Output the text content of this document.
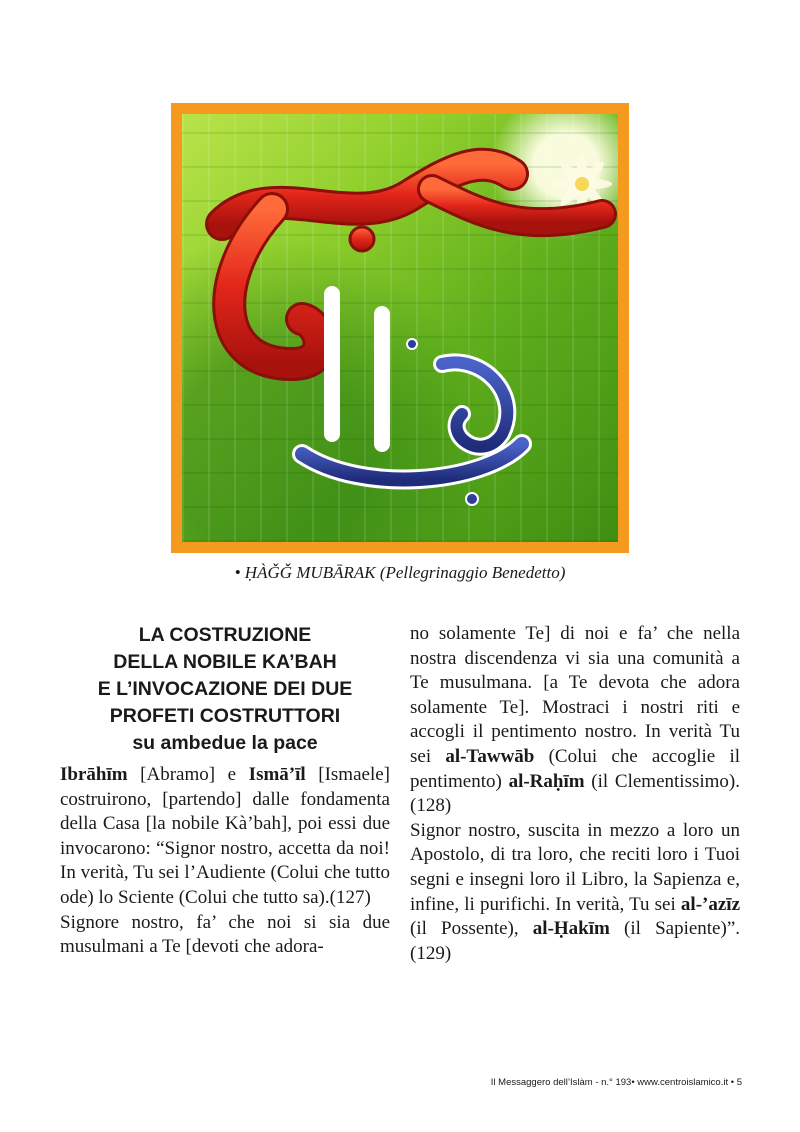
• ḤÀǦǦ MUBĀRAK (Pellegrinaggio Benedetto)
LA COSTRUZIONE
DELLA NOBILE KA’BAH
E L’INVOCAZIONE DEI DUE
PROFETI COSTRUTTORI
su ambedue la pace

Ibrāhīm [Abramo] e Ismā’īl [Ismaele] costruirono, [partendo] dalle fondamenta della Casa [la nobile Kà’bah], poi essi due invocarono: “Signor nostro, accetta da noi! In verità, Tu sei l’Audiente (Colui che tutto ode) lo Sciente (Colui che tutto sa).(127)

Signore nostro, fa’ che noi si sia due musulmani a Te [devoti che adora-

no solamente Te] di noi e fa’ che nella nostra discendenza vi sia una comunità a Te musulmana. [a Te devota che adora solamente Te]. Mostraci i nostri riti e accogli il pentimento nostro. In verità Tu sei al-Tawwāb (Colui che accoglie il pentimento) al-Raḥīm (il Clementissimo). (128)

Signor nostro, suscita in mezzo a loro un Apostolo, di tra loro, che reciti loro i Tuoi segni e insegni loro il Libro, la Sapienza e, infine, li purifichi. In verità, Tu sei al-’azīz (il Possente), al-Ḥakīm (il Sapiente)”. (129)

Il Messaggero dell’Islàm - n.° 193• www.centroislamico.it • 5
